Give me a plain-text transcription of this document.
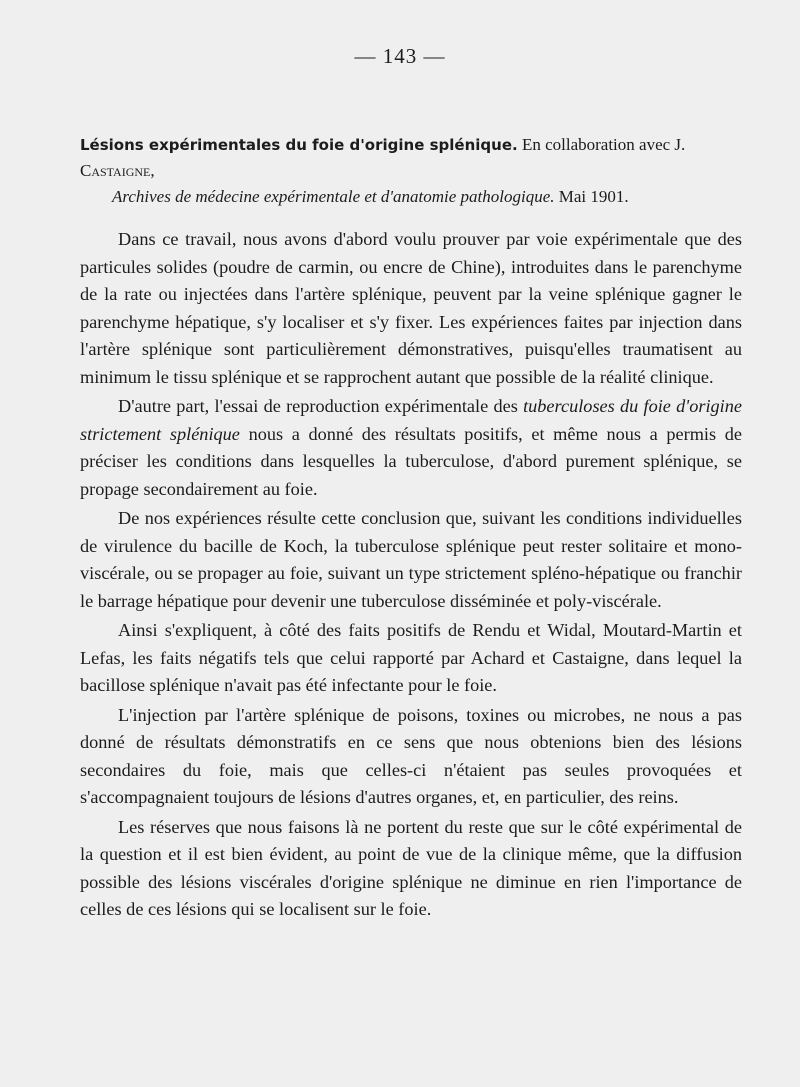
— 143 —
Lésions expérimentales du foie d'origine splénique. En collaboration avec J. Castaigne,
Archives de médecine expérimentale et d'anatomie pathologique. Mai 1901.

Dans ce travail, nous avons d'abord voulu prouver par voie expérimentale que des particules solides (poudre de carmin, ou encre de Chine), introduites dans le parenchyme de la rate ou injectées dans l'artère splénique, peuvent par la veine splénique gagner le parenchyme hépatique, s'y localiser et s'y fixer. Les expériences faites par injection dans l'artère splénique sont particulièrement démonstratives, puisqu'elles traumatisent au minimum le tissu splénique et se rapprochent autant que possible de la réalité clinique.

D'autre part, l'essai de reproduction expérimentale des tuberculoses du foie d'origine strictement splénique nous a donné des résultats positifs, et même nous a permis de préciser les conditions dans lesquelles la tuberculose, d'abord purement splénique, se propage secondairement au foie.

De nos expériences résulte cette conclusion que, suivant les conditions individuelles de virulence du bacille de Koch, la tuberculose splénique peut rester solitaire et mono-viscérale, ou se propager au foie, suivant un type strictement spléno-hépatique ou franchir le barrage hépatique pour devenir une tuberculose disséminée et poly-viscérale.

Ainsi s'expliquent, à côté des faits positifs de Rendu et Widal, Moutard-Martin et Lefas, les faits négatifs tels que celui rapporté par Achard et Castaigne, dans lequel la bacillose splénique n'avait pas été infectante pour le foie.

L'injection par l'artère splénique de poisons, toxines ou microbes, ne nous a pas donné de résultats démonstratifs en ce sens que nous obtenions bien des lésions secondaires du foie, mais que celles-ci n'étaient pas seules provoquées et s'accompagnaient toujours de lésions d'autres organes, et, en particulier, des reins.

Les réserves que nous faisons là ne portent du reste que sur le côté expérimental de la question et il est bien évident, au point de vue de la clinique même, que la diffusion possible des lésions viscérales d'origine splénique ne diminue en rien l'importance de celles de ces lésions qui se localisent sur le foie.
